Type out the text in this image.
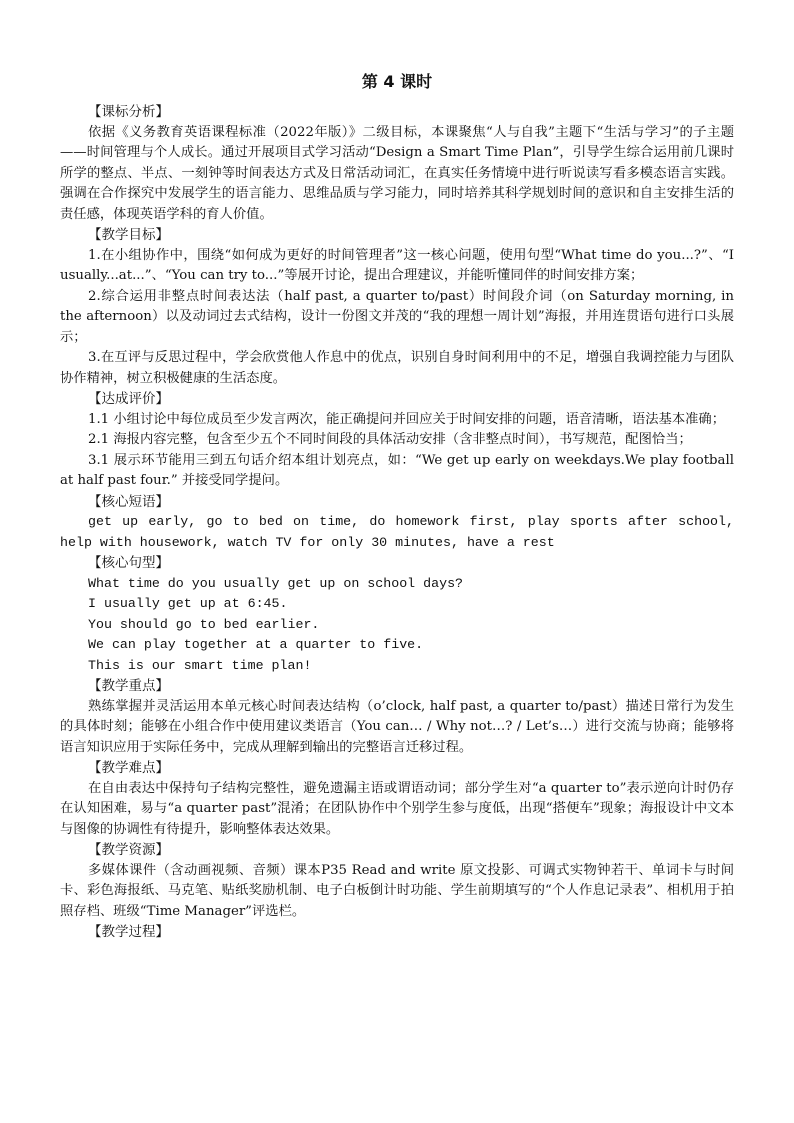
第 4 课时
【课标分析】

依据《义务教育英语课程标准（2022年版）》二级目标，本课聚焦“人与自我”主题下“生活与学习”的子主题——时间管理与个人成长。通过开展项目式学习活动“Design a Smart Time Plan”，引导学生综合运用前几课时所学的整点、半点、一刻钟等时间表达方式及日常活动词汇，在真实任务情境中进行听说读写看多模态语言实践。强调在合作探究中发展学生的语言能力、思维品质与学习能力，同时培养其科学规划时间的意识和自主安排生活的责任感，体现英语学科的育人价值。

【教学目标】

1.在小组协作中，围绕“如何成为更好的时间管理者”这一核心问题，使用句型“What time do you...?”、“I usually...at...”、“You can try to...”等展开讨论，提出合理建议，并能听懂同伴的时间安排方案；

2.综合运用非整点时间表达法（half past, a quarter to/past）时间段介词（on Saturday morning, in the afternoon）以及动词过去式结构，设计一份图文并茂的“我的理想一周计划”海报，并用连贯语句进行口头展示；

3.在互评与反思过程中，学会欣赏他人作息中的优点，识别自身时间利用中的不足，增强自我调控能力与团队协作精神，树立积极健康的生活态度。

【达成评价】

1.1 小组讨论中每位成员至少发言两次，能正确提问并回应关于时间安排的问题，语音清晰，语法基本准确；

2.1 海报内容完整，包含至少五个不同时间段的具体活动安排（含非整点时间），书写规范，配图恰当；

3.1 展示环节能用三到五句话介绍本组计划亮点，如：“We get up early on weekdays.We play football at half past four.” 并接受同学提问。

【核心短语】

get up early, go to bed on time, do homework first, play sports after school, help with housework, watch TV for only 30 minutes, have a rest

【核心句型】
What time do you usually get up on school days?
I usually get up at 6:45.
You should go to bed earlier.
We can play together at a quarter to five.
This is our smart time plan!
【教学重点】

熟练掌握并灵活运用本单元核心时间表达结构（o’clock, half past, a quarter to/past）描述日常行为发生的具体时刻；能够在小组合作中使用建议类语言（You can… / Why not…? / Let’s…）进行交流与协商；能够将语言知识应用于实际任务中，完成从理解到输出的完整语言迁移过程。

【教学难点】

在自由表达中保持句子结构完整性，避免遗漏主语或谓语动词；部分学生对“a quarter to”表示逆向计时仍存在认知困难，易与“a quarter past”混淆；在团队协作中个别学生参与度低，出现“搭便车”现象；海报设计中文本与图像的协调性有待提升，影响整体表达效果。

【教学资源】

多媒体课件（含动画视频、音频）课本P35 Read and write 原文投影、可调式实物钟若干、单词卡与时间卡、彩色海报纸、马克笔、贴纸奖励机制、电子白板倒计时功能、学生前期填写的“个人作息记录表”、相机用于拍照存档、班级“Time Manager”评选栏。

【教学过程】
